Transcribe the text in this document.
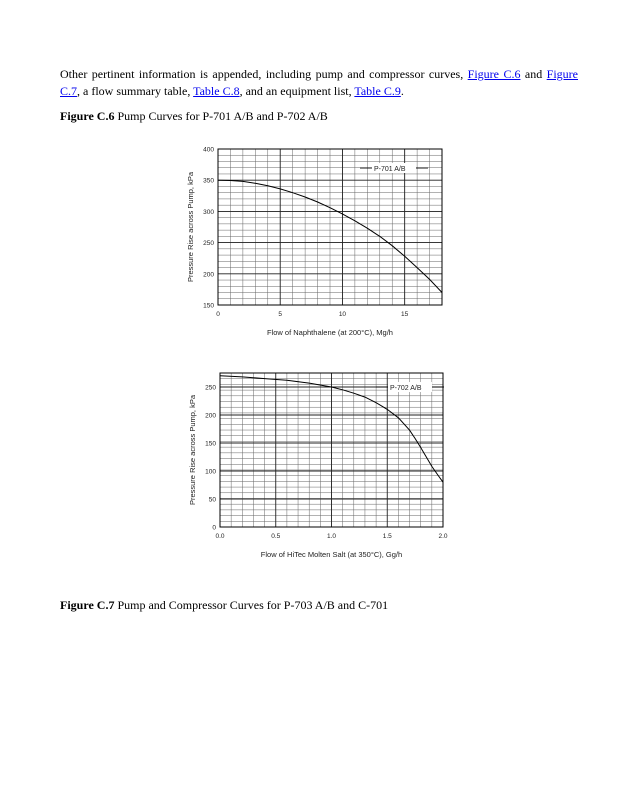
Other pertinent information is appended, including pump and compressor curves, Figure C.6 and Figure C.7, a flow summary table, Table C.8, and an equipment list, Table C.9.

Figure C.6 Pump Curves for P-701 A/B and P-702 A/B

0	5	10	15
150
200
250
300
350
400
Flow of Naphthalene (at 200°C), Mg/h
Pressure Rise across Pump, kPa
P-701 A/B
0.0	0.5	1.0	1.5	2.0
0
50
100
150
200
250
Flow of HiTec Molten Salt (at 350°C), Gg/h
Pressure Rise across Pump, kPa
P-702 A/B

Figure C.7 Pump and Compressor Curves for P-703 A/B and C-701
